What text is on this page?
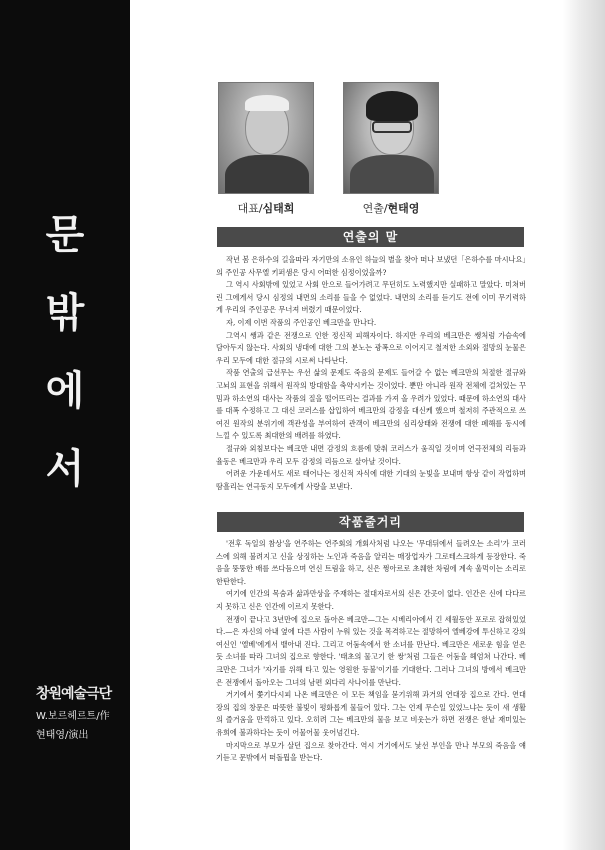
문
밖
에
서
창원예술극단
W.보르헤르트/作
현태영/演出
대표/심태희	연출/현태영
연출의 말

작년 봄 은하수의 길을따라 자기만의 소유인 하늘의 별을 찾아 떠나 보냈던「은하수를 마시나요」의 주인공 사무엘 키퍼샘은 당시 어떠한 심정이었을까?

그 역시 사회밖에 있었고 사회 안으로 들어가려고 무던히도 노력했지만 실패하고 말았다. 미쳐버린 그에게서 당시 심정의 내면의 소리를 들을 수 없었다. 내면의 소리를 듣기도 전에 이미 무기력하게 우리의 주인공은 무너져 버렸기 때문이었다.

자, 이제 이번 작품의 주인공인 베크만을 만나다.

그역시 쌩과 같은 전쟁으로 인한 정신적 피해자이다. 하지만 우리의 베크만은 쌩처럼 가슴속에 담아두지 않는다. 사회의 냉대에 대한 그의 분노는 광폭으로 이어지고 철저한 소외와 절망의 눈물은 우리 모두에 대한 절규의 시로써 나타난다.

작품 연출의 급선무는 우선 삶의 문제도 죽음의 문제도 들어갈 수 없는 베크만의 처절한 절규와 고뇌의 표현을 위해서 원작의 방대함을 축약시키는 것이었다. 뿐만 아니라 원작 전체에 걸쳐있는 꾸밈과 하소연의 대사는 작품의 질을 떨어뜨리는 결과를 가져 올 우려가 있었다. 때문에 하소연의 대사를 대폭 수정하고 그 대신 코러스를 삽입하여 베크만의 감정을 대신케 했으며 철저히 주관적으로 쓰여진 원작의 분위기에 객관성을 부여하여 관객이 베크만의 심리상태와 전쟁에 대한 폐해를 동시에 느낄 수 있도록 최대한의 배려를 하였다.

절규와 외침보다는 베크만 내면 감정의 흐름에 맞춰 코러스가 움직일 것이며 연극전체의 리듬과 율동은 베크만과 우리 모두 감정의 리듬으로 살아날 것이다.

어려운 가운데서도 새로 태어나는 정신적 자식에 대한 기대의 눈빛을 보내며 항상 같이 작업하며 땀흘리는 연극동지 모두에게 사랑을 보낸다.

작품줄거리

'전후 독일의 참상'을 연주하는 연주회의 개회사처럼 나오는 '무대뒤에서 들려오는 소리'가 코러스에 의해 불려지고 신을 상징하는 노인과 죽음을 알리는 매장업자가 그로테스크하게 등장한다. 죽음을 뚱뚱한 배를 쓰다듬으며 연신 트림을 하고, 신은 쩡아르로 초췌한 차림에 계속 울먹이는 소리로 한탄한다.

여기에 인간의 목숨과 삶과만상을 주재하는 절대자로서의 신은 간곳이 없다. 인간은 신에 다다르지 못하고 신은 인간에 이르지 못한다.

전쟁이 끝나고 3년만에 집으로 돌아온 베크만—그는 시베리아에서 긴 세월동안 포로로 잡혀있었다.—은 자신의 아내 옆에 다른 사람이 누워 있는 것을 목격하고는 절망하여 엘베강에 투신하고 강의 여신인 '엘베'에게서 뱉아내 진다. 그리고 어둠속에서 한 소녀를 만난다. 베크만은 새로운 힘을 얻은 듯 소녀를 따라 그녀의 집으로 향한다. '태초의 물고기 한 쌍'처럼 그들은 어둠을 헤엄쳐 나간다. 베크만은 그녀가 '자기를 위해 타고 있는 영원한 등불'이기를 기대한다. 그러나 그녀의 방에서 베크만은 전쟁에서 돌아오는 그녀의 남편 외다리 사나이를 만난다.

거기에서 쫓기다시피 나온 베크만은 이 모든 책임을 묻기위해 과거의 연대장 집으로 간다. 연대장의 집의 창문은 따뜻한 불빛이 평화롭게 물들어 있다. 그는 언제 무슨일 있었느냐는 듯이 새 생활의 즐거움을 만끽하고 있다. 오히려 그는 베크만의 물음 보고 비웃는가 하면 전쟁은 한낱 재미있는 유희에 불과하다는 듯이 어물어물 웃어넘긴다.

마지막으로 부모가 살던 집으로 찾아간다. 역시 거기에서도 낯선 부인을 만나 부모의 죽음을 얘기듣고 문밖에서 떠돌뭡을 받는다.
